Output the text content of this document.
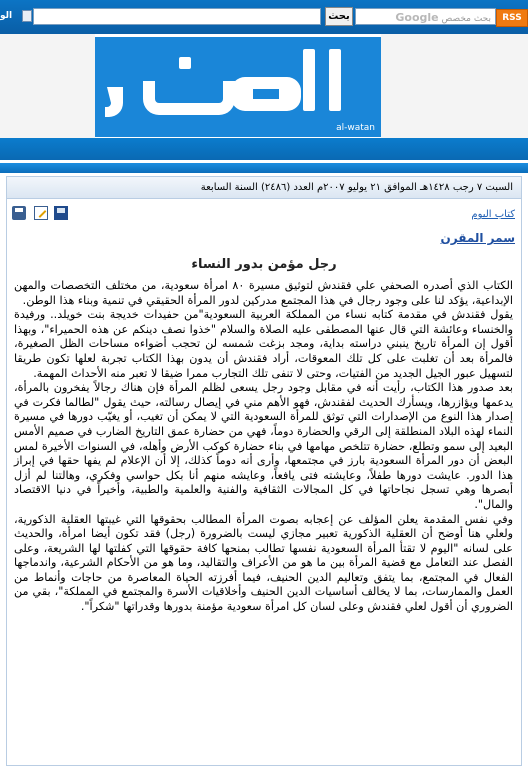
الو	بحث	بحث مخصص Google	RSS
al-watan
السبت ٧ رجب ١٤٢٨هـ الموافق ٢١ يوليو ٢٠٠٧م العدد (٢٤٨٦) السنة السابعة
كتاب اليوم
سمر المقرن
رجل مؤمن بدور النساء

الكتاب الذي أصدره الصحفي علي فقندش لتوثيق مسيرة ٨٠ امرأة سعودية، من مختلف التخصصات والمهن الإبداعية، يؤكد لنا على وجود رجال في هذا المجتمع مدركين لدور المرأة الحقيقي في تنمية وبناء هذا الوطن.

يقول فقندش في مقدمة كتابه نساء من المملكة العربية السعودية"من حفيدات خديجة بنت خويلد.. ورفيدة والخنساء وعائشة التي قال عنها المصطفى عليه الصلاة والسلام "خذوا نصف دينكم عن هذه الحميراء"، وبهذا أقول إن المرأة تاريخ ينبني دراسته بداية، ومجد بزغت شمسه لن تحجب أضواءه مساحات الظل الصغيرة، فالمرأة بعد أن تغلبت على كل تلك المعوقات، أراد فقندش أن يدون بهذا الكتاب تجربة لعلها تكون طريقا لتسهيل عبور الجيل الجديد من الفتيات، وحتى لا تنفى تلك التجارب ممرا ضيقا لا تعبر منه الأحداث المهمة.

بعد صدور هذا الكتاب، رأيت أنه في مقابل وجود رجل يسعى لظلم المرأة فإن هناك رجالاً يفخرون بالمرأة، يدعمها ويؤازرها، ويسأرك الحديث لفقندش، فهو الأهم مني في إيصال رسالته، حيث يقول "لطالما فكرت في إصدار هذا النوع من الإصدارات التي توثق للمرأة السعودية التي لا يمكن أن تغيب، أو يغيّب دورها في مسيرة النماء لهذه البلاد المنطلقة إلى الرقي والحضارة دوماً، فهي من حضارة عمق التاريخ الضارب في صميم الأمس البعيد إلى سمو وتطلع، حضارة تتلخص مهامها في بناء حضارة كوكب الأرض وأهله، في السنوات الأخيرة لمس البعض أن دور المرأة السعودية بارز في مجتمعها، وأرى أنه دوماً كذلك، إلا أن الإعلام لم يفها حقها في إبراز هذا الدور. عايشت دورها طفلاً، وعايشته فتى يافعاً، وعايشه منهم أنا بكل حواسي وفكري، وهالتنا لم أزل أبصرها وهي تسجل نجاحاتها في كل المجالات الثقافية والفنية والعلمية والطبية، وأخيراً في دنيا الاقتصاد والمال".

وفي نفس المقدمة يعلن المؤلف عن إعجابه بصوت المرأة المطالب بحقوقها التي غيبتها العقلية الذكورية، ولعلي هنا أوضح أن العقلية الذكورية تعبير مجازي ليست بالضرورة (رجل) فقد تكون أيضا امرأة، والحديث على لسانه "اليوم لا تقتأ المرأة السعودية نفسها تطالب بمنحها كافة حقوقها التي كفلتها لها الشريعة، وعلى الفصل عند التعامل مع قضية المرأة بين ما هو من الأعراف والتقاليد، وما هو من الأحكام الشرعية، واندماجها الفعال في المجتمع، بما يتفق وتعاليم الدين الحنيف، فيما أفرزته الحياة المعاصرة من حاجات وأنماط من العمل والممارسات، بما لا يخالف أساسيات الدين الحنيف وأخلاقيات الأسرة والمجتمع في المملكة"، بقي من الضروري أن أقول لعلي فقندش وعلى لسان كل امرأة سعودية مؤمنة بدورها وقدراتها "شكراً".
